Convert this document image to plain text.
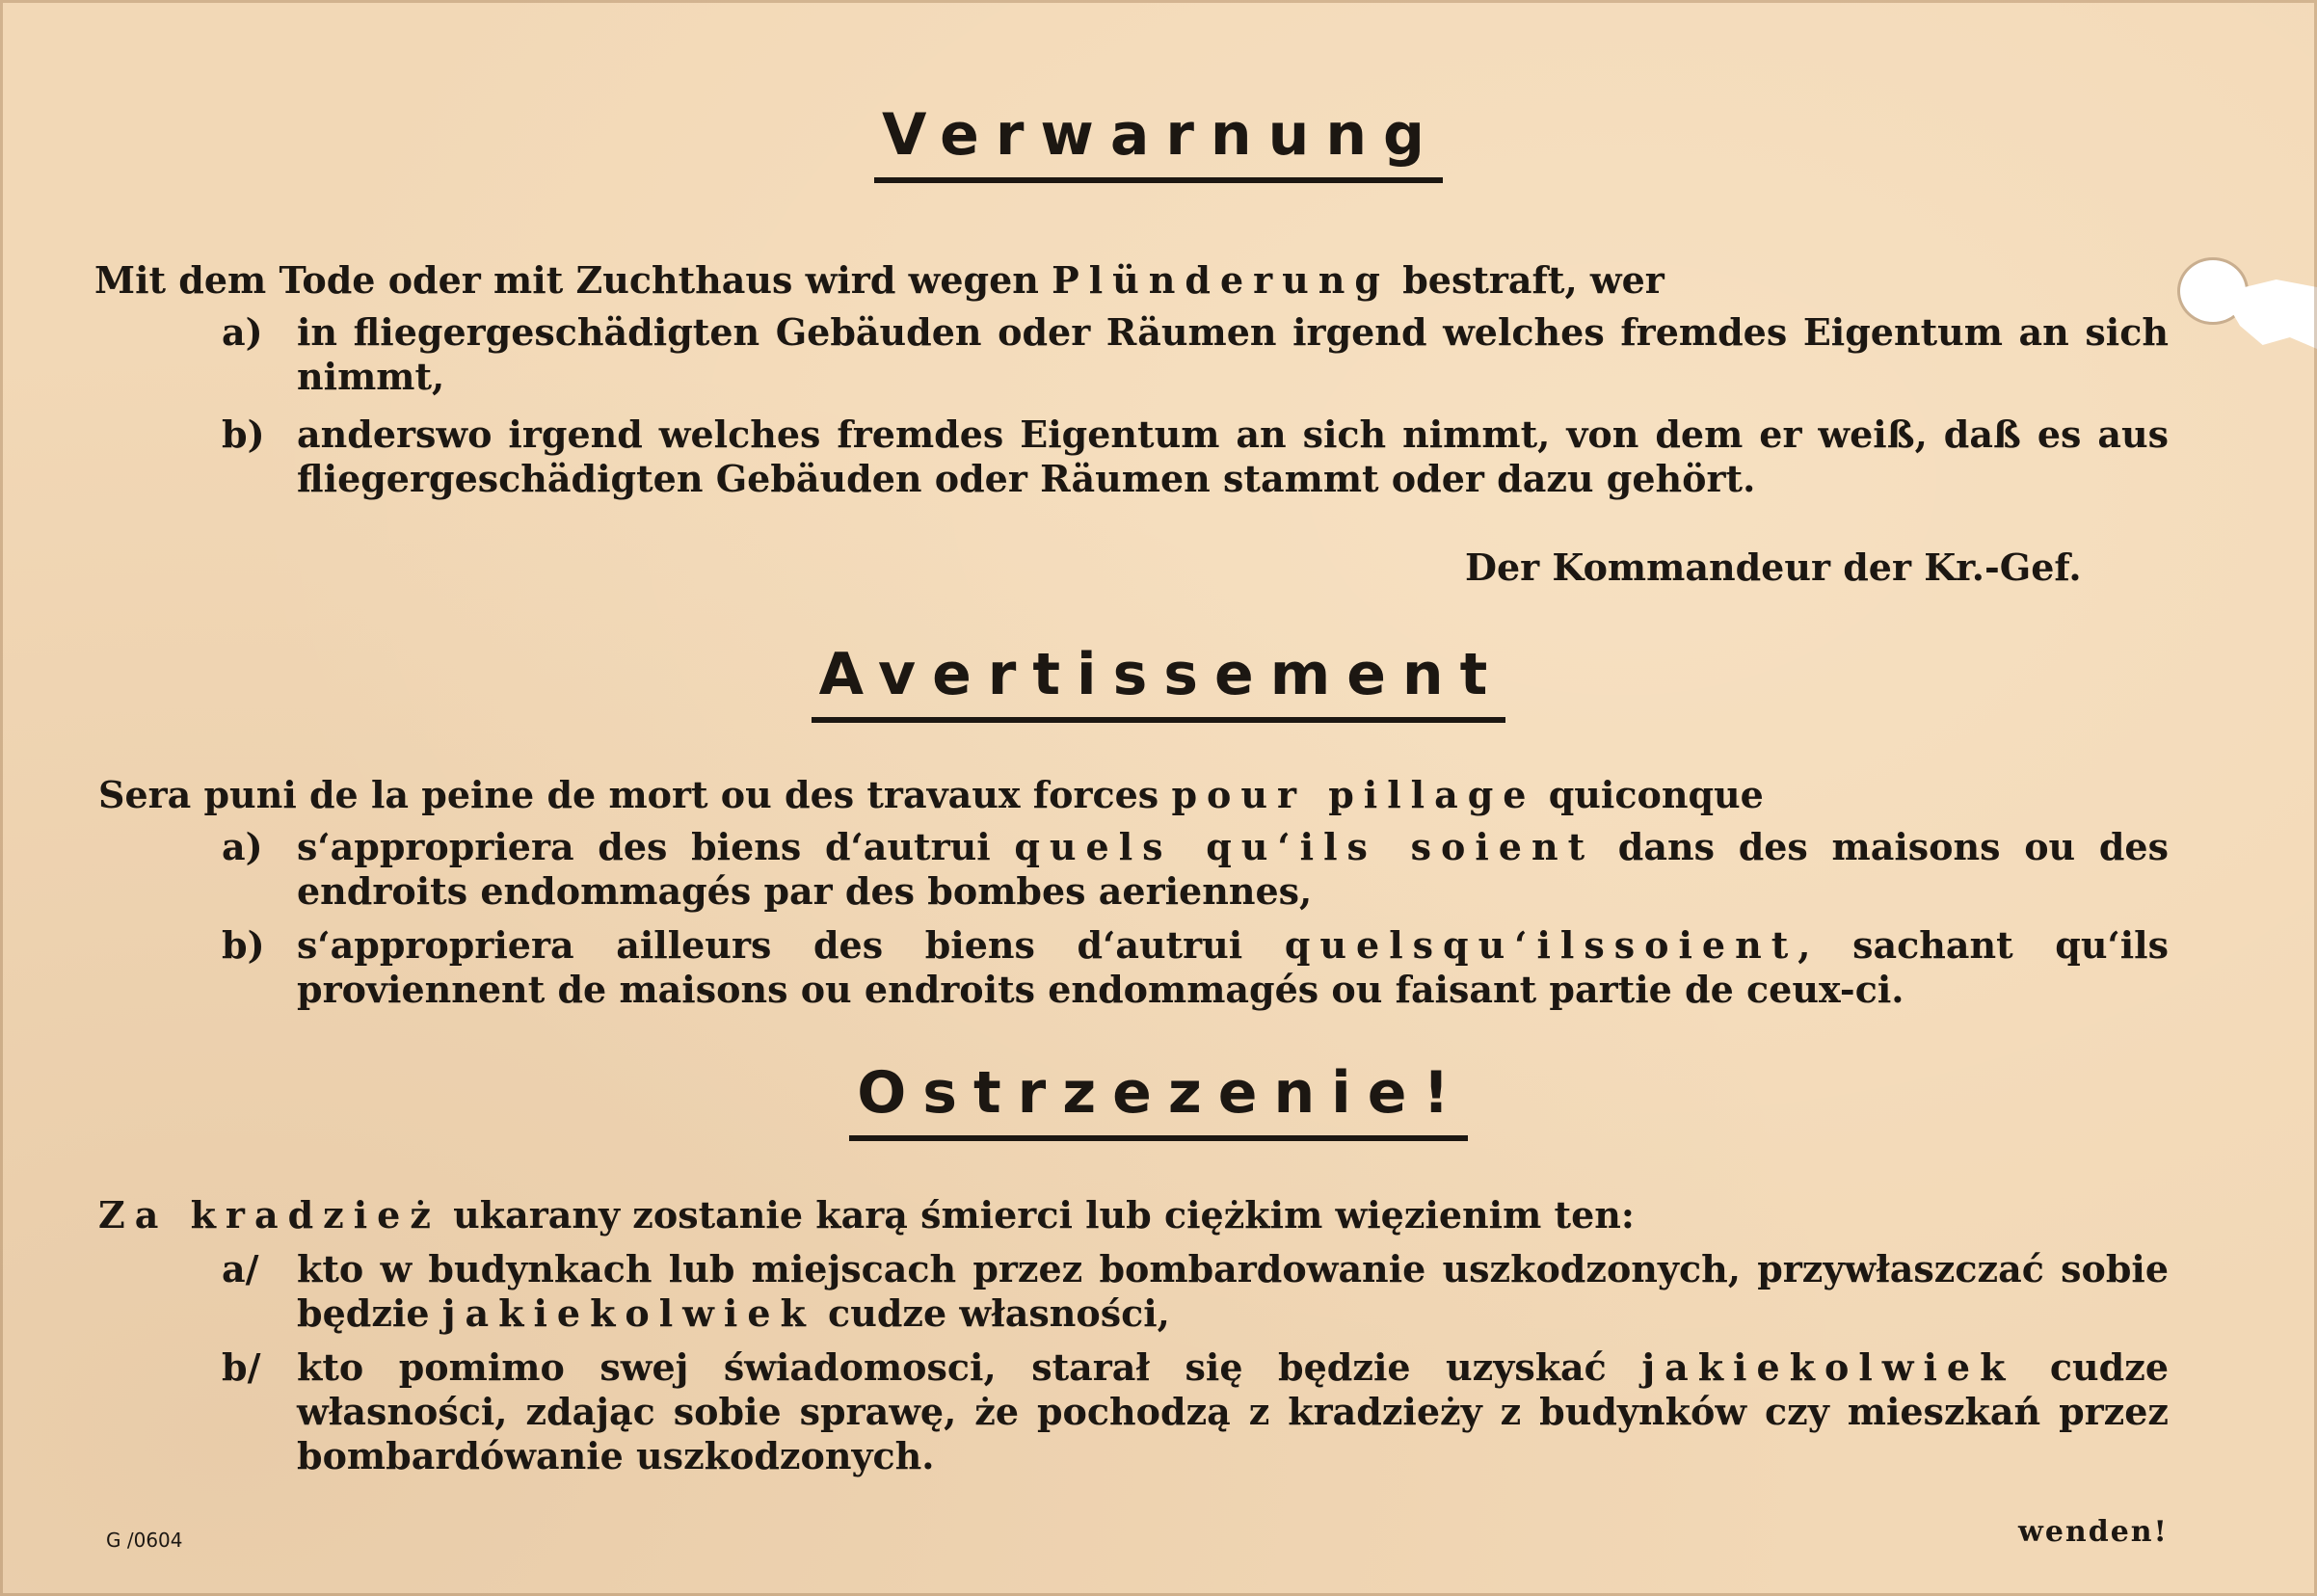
Verwarnung
Mit dem Tode oder mit Zuchthaus wird wegen Plünderung bestraft, wer
a) in fliegergeschädigten Gebäuden oder Räumen irgend welches fremdes Eigentum an sich nimmt,
b) anderswo irgend welches fremdes Eigentum an sich nimmt, von dem er weiß, daß es aus fliegergeschädigten Gebäuden oder Räumen stammt oder dazu gehört.
Der Kommandeur der Kr.-Gef.
Avertissement
Sera puni de la peine de mort ou des travaux forces pour pillage quiconque
a) s‘approprierа des biens d‘autrui quels qu‘ils soient dans des maisons ou des endroits endommagés par des bombes aeriennes,
b) s‘approprierа ailleurs des biens d‘autrui quelsqu‘ilssoient, sachant qu‘ils proviennent de maisons ou endroits endommagés ou faisant partie de ceux-ci.
Ostrzezenie!
Za kradzież ukarany zostanie karą śmierci lub ciężkim więzienim ten:
a/ kto w budynkach lub miejscach przez bombardowanie uszkodzonych, przywłaszczać sobie będzie jakiekolwiek cudze własności,
b/ kto pomimo swej świadomosci, starał się będzie uzyskać jakiekolwiek cudze własności, zdając sobie sprawę, że pochodzą z kradzieży z budynków czy mieszkań przez bombardówanie uszkodzonych.
G /0604	wenden!
